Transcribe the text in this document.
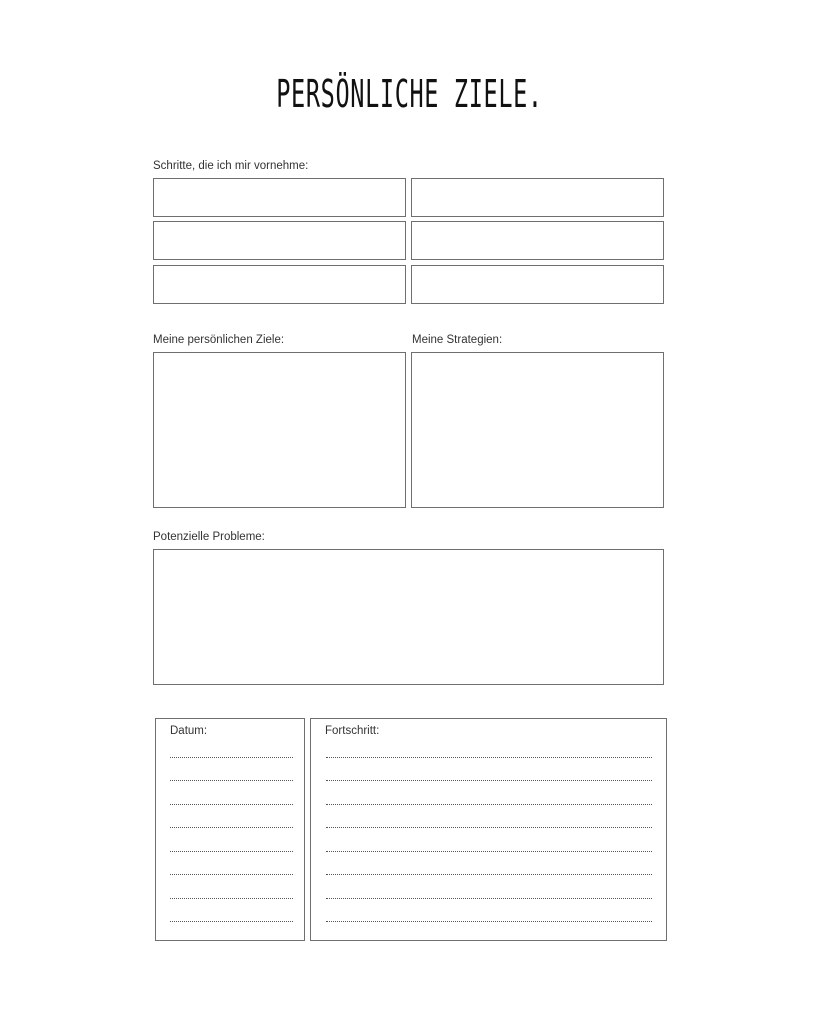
PERSÖNLICHE ZIELE.
Schritte, die ich mir vornehme:
Meine persönlichen Ziele:	Meine Strategien:
Potenzielle Probleme:
Datum:	Fortschritt:
